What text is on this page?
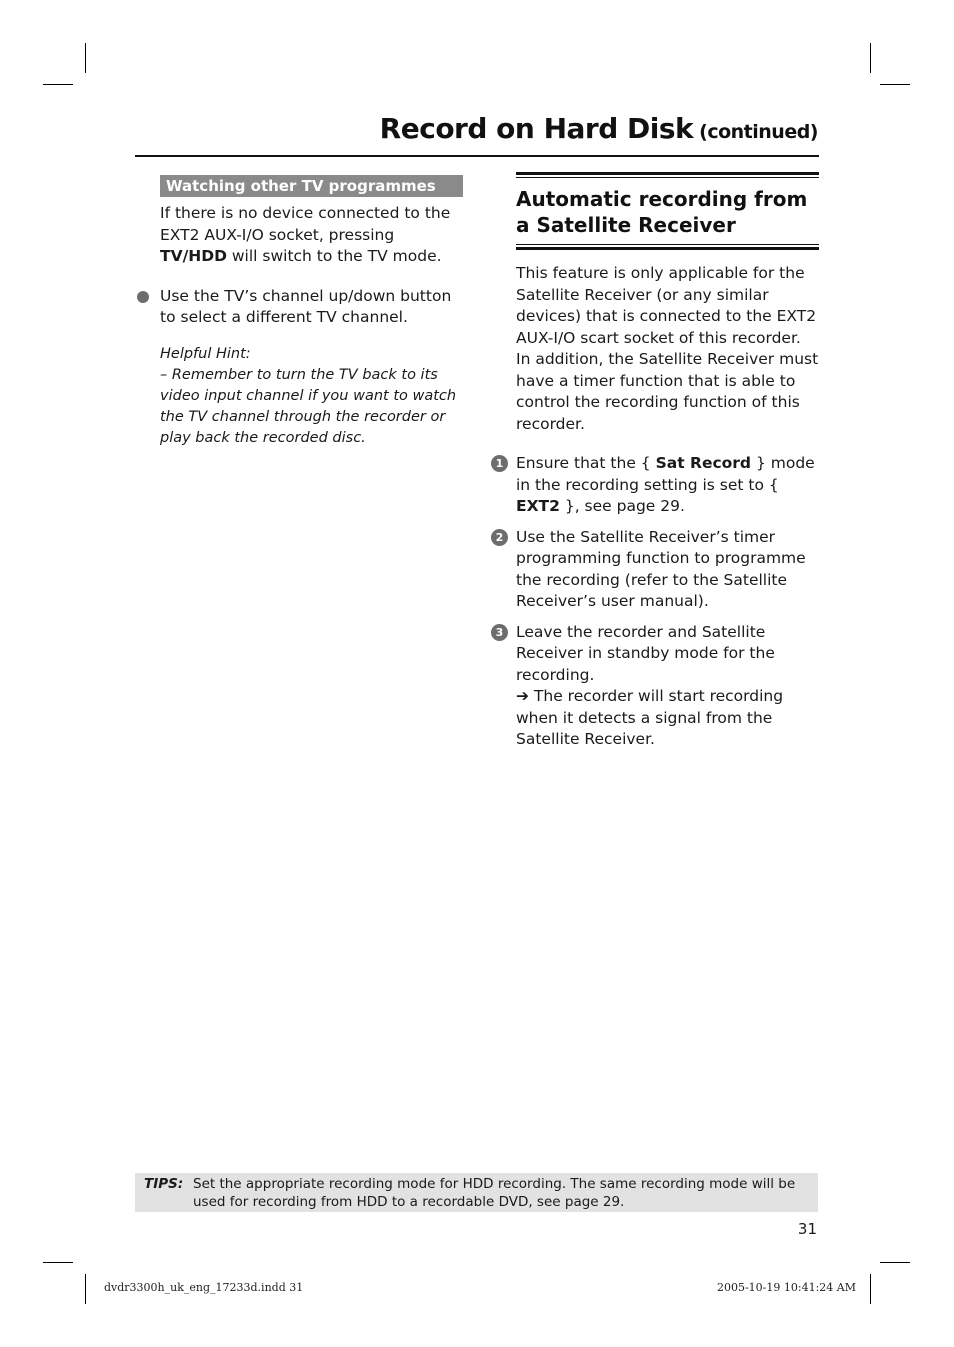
Record on Hard Disk (continued)
Watching other TV programmes

If there is no device connected to the EXT2 AUX-I/O socket, pressing TV/HDD will switch to the TV mode.

Use the TV’s channel up/down button to select a different TV channel.
Helpful Hint:
– Remember to turn the TV back to its video input channel if you want to watch the TV channel through the recorder or play back the recorded disc.
Automatic recording from a Satellite Receiver

This feature is only applicable for the Satellite Receiver (or any similar devices) that is connected to the EXT2 AUX-I/O scart socket of this recorder. In addition, the Satellite Receiver must have a timer function that is able to control the recording function of this recorder.

1 Ensure that the { Sat Record } mode in the recording setting is set to { EXT2 }, see page 29.
2 Use the Satellite Receiver’s timer programming function to programme the recording (refer to the Satellite Receiver’s user manual).
3 Leave the recorder and Satellite Receiver in standby mode for the recording.
➔ The recorder will start recording when it detects a signal from the Satellite Receiver.
TIPS: Set the appropriate recording mode for HDD recording. The same recording mode will be used for recording from HDD to a recordable DVD, see page 29.
31
dvdr3300h_uk_eng_17233d.indd 31	2005-10-19 10:41:24 AM
